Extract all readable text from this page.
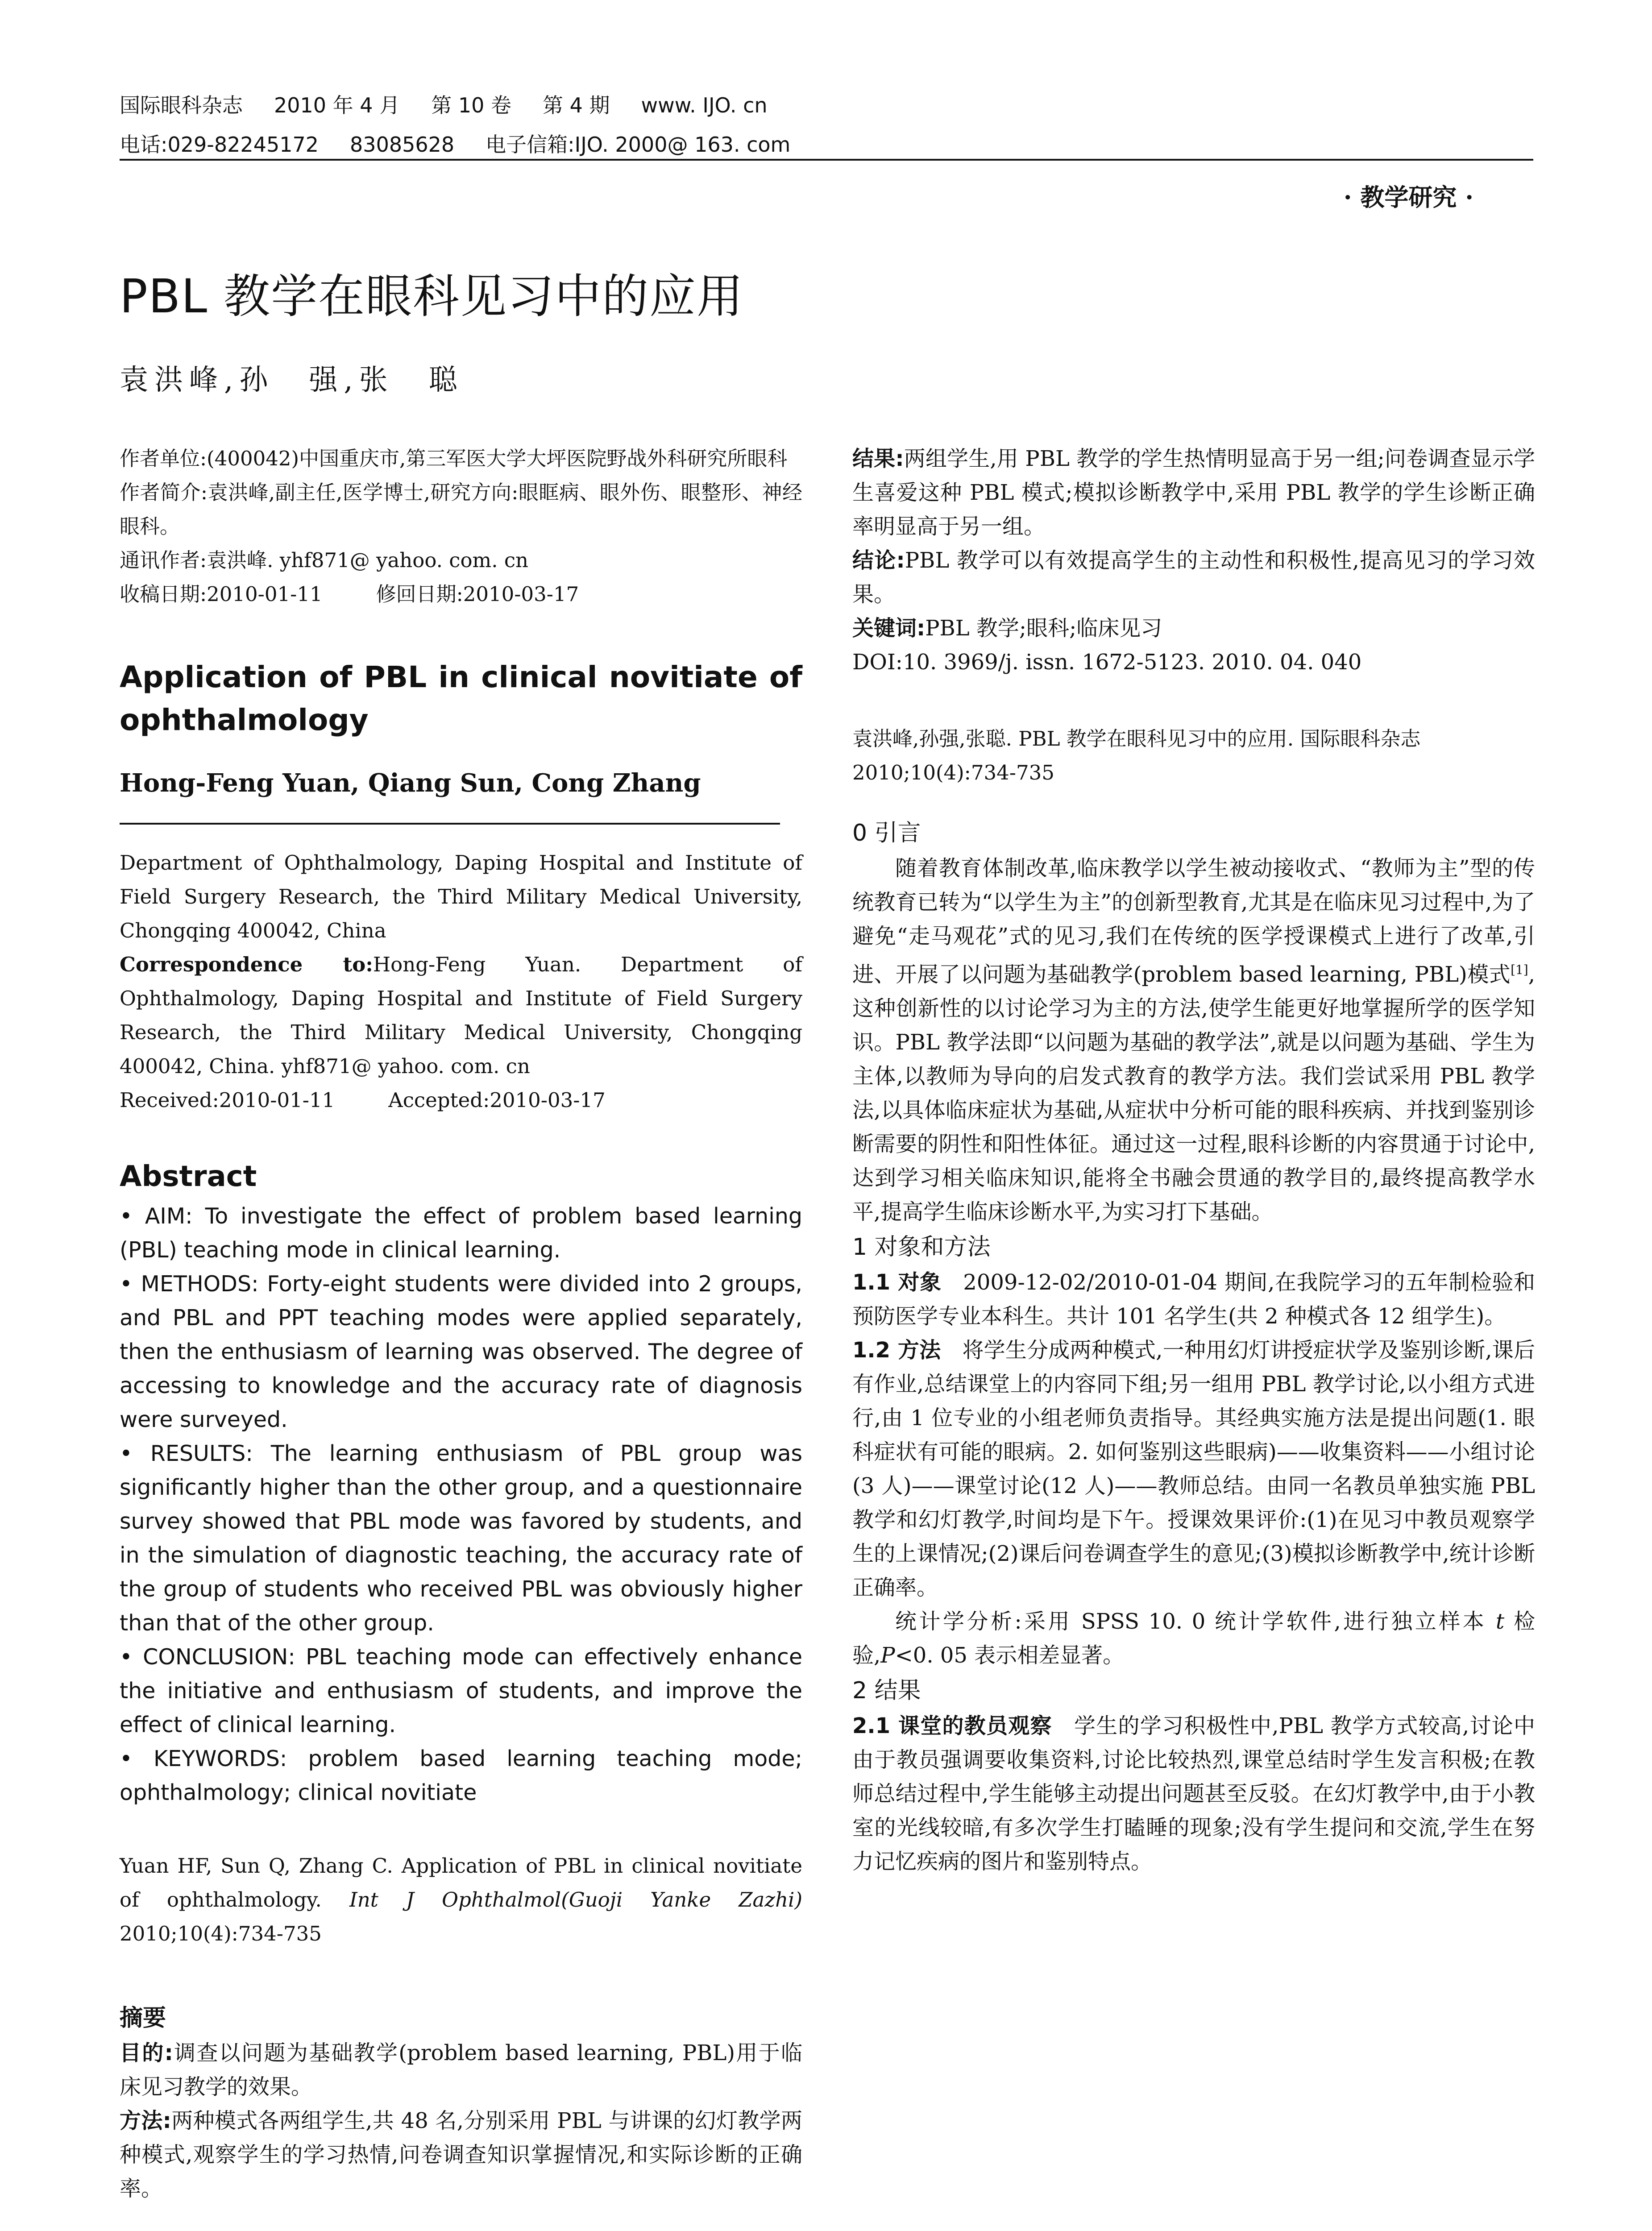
国际眼科杂志 2010 年 4 月 第 10 卷 第 4 期 www. IJO. cn
电话:029-82245172 83085628 电子信箱:IJO. 2000@ 163. com
· 教学研究 ·
PBL 教学在眼科见习中的应用
袁洪峰,孙　强,张　聪

作者单位:(400042)中国重庆市,第三军医大学大坪医院野战外科研究所眼科

作者简介:袁洪峰,副主任,医学博士,研究方向:眼眶病、眼外伤、眼整形、神经眼科。

通讯作者:袁洪峰. yhf871@ yahoo. com. cn

收稿日期:2010-01-11	修回日期:2010-03-17

Application of PBL in clinical novitiate of ophthalmology
Hong-Feng Yuan, Qiang Sun, Cong Zhang

Department of Ophthalmology, Daping Hospital and Institute of Field Surgery Research, the Third Military Medical University, Chongqing 400042, China

Correspondence to:Hong-Feng Yuan. Department of Ophthalmology, Daping Hospital and Institute of Field Surgery Research, the Third Military Medical University, Chongqing 400042, China. yhf871@ yahoo. com. cn

Received:2010-01-11	Accepted:2010-03-17

Abstract

• AIM: To investigate the effect of problem based learning (PBL) teaching mode in clinical learning.

• METHODS: Forty-eight students were divided into 2 groups, and PBL and PPT teaching modes were applied separately, then the enthusiasm of learning was observed. The degree of accessing to knowledge and the accuracy rate of diagnosis were surveyed.

• RESULTS: The learning enthusiasm of PBL group was significantly higher than the other group, and a questionnaire survey showed that PBL mode was favored by students, and in the simulation of diagnostic teaching, the accuracy rate of the group of students who received PBL was obviously higher than that of the other group.

• CONCLUSION: PBL teaching mode can effectively enhance the initiative and enthusiasm of students, and improve the effect of clinical learning.

• KEYWORDS: problem based learning teaching mode; ophthalmology; clinical novitiate

Yuan HF, Sun Q, Zhang C. Application of PBL in clinical novitiate of ophthalmology. Int J Ophthalmol(Guoji Yanke Zazhi) 2010;10(4):734-735
摘要

目的:调查以问题为基础教学(problem based learning, PBL)用于临床见习教学的效果。

方法:两种模式各两组学生,共 48 名,分别采用 PBL 与讲课的幻灯教学两种模式,观察学生的学习热情,问卷调查知识掌握情况,和实际诊断的正确率。

结果:两组学生,用 PBL 教学的学生热情明显高于另一组;问卷调查显示学生喜爱这种 PBL 模式;模拟诊断教学中,采用 PBL 教学的学生诊断正确率明显高于另一组。

结论:PBL 教学可以有效提高学生的主动性和积极性,提高见习的学习效果。

关键词:PBL 教学;眼科;临床见习

DOI:10. 3969/j. issn. 1672-5123. 2010. 04. 040

袁洪峰,孙强,张聪. PBL 教学在眼科见习中的应用. 国际眼科杂志 2010;10(4):734-735

0 引言

随着教育体制改革,临床教学以学生被动接收式、“教师为主”型的传统教育已转为“以学生为主”的创新型教育,尤其是在临床见习过程中,为了避免“走马观花”式的见习,我们在传统的医学授课模式上进行了改革,引进、开展了以问题为基础教学(problem based learning, PBL)模式[1],这种创新性的以讨论学习为主的方法,使学生能更好地掌握所学的医学知识。PBL 教学法即“以问题为基础的教学法”,就是以问题为基础、学生为主体,以教师为导向的启发式教育的教学方法。我们尝试采用 PBL 教学法,以具体临床症状为基础,从症状中分析可能的眼科疾病、并找到鉴别诊断需要的阴性和阳性体征。通过这一过程,眼科诊断的内容贯通于讨论中,达到学习相关临床知识,能将全书融会贯通的教学目的,最终提高教学水平,提高学生临床诊断水平,为实习打下基础。

1 对象和方法

1.1 对象　 2009-12-02/2010-01-04 期间,在我院学习的五年制检验和预防医学专业本科生。共计 101 名学生(共 2 种模式各 12 组学生)。

1.2 方法　 将学生分成两种模式,一种用幻灯讲授症状学及鉴别诊断,课后有作业,总结课堂上的内容同下组;另一组用 PBL 教学讨论,以小组方式进行,由 1 位专业的小组老师负责指导。其经典实施方法是提出问题(1. 眼科症状有可能的眼病。2. 如何鉴别这些眼病)——收集资料——小组讨论(3 人)——课堂讨论(12 人)——教师总结。由同一名教员单独实施 PBL 教学和幻灯教学,时间均是下午。授课效果评价:(1)在见习中教员观察学生的上课情况;(2)课后问卷调查学生的意见;(3)模拟诊断教学中,统计诊断正确率。

统计学分析:采用 SPSS 10. 0 统计学软件,进行独立样本 t 检验,P<0. 05 表示相差显著。

2 结果

2.1 课堂的教员观察　 学生的学习积极性中,PBL 教学方式较高,讨论中由于教员强调要收集资料,讨论比较热烈,课堂总结时学生发言积极;在教师总结过程中,学生能够主动提出问题甚至反驳。在幻灯教学中,由于小教室的光线较暗,有多次学生打瞌睡的现象;没有学生提问和交流,学生在努力记忆疾病的图片和鉴别特点。
